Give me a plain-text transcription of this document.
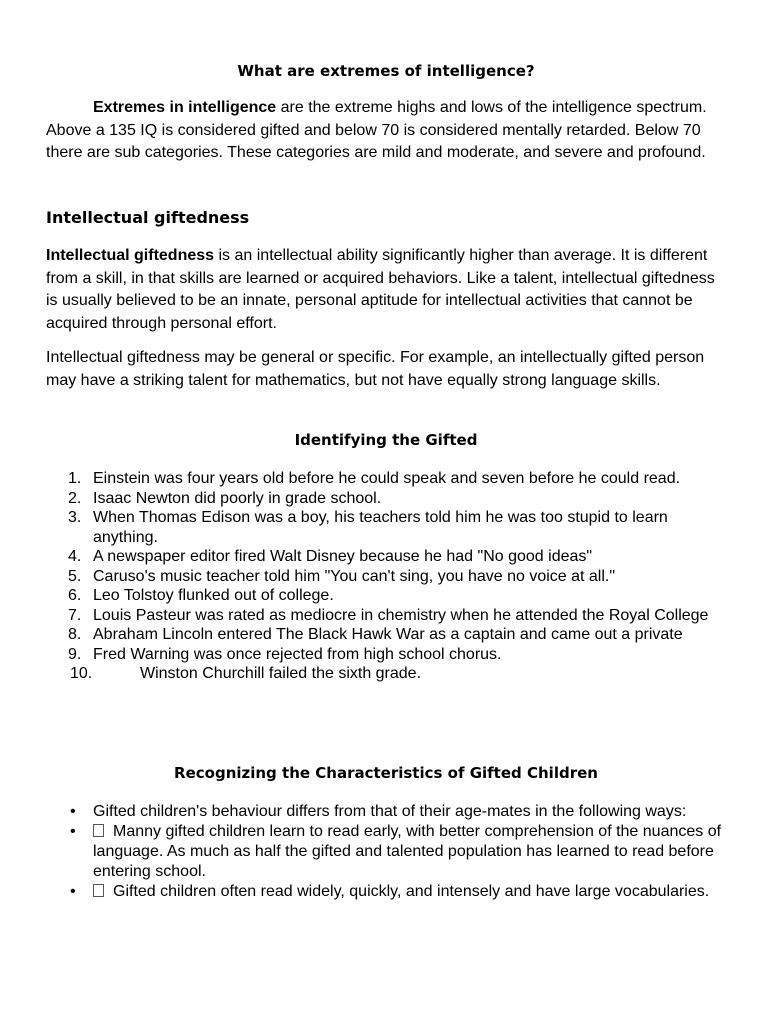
What are extremes of intelligence?

Extremes in intelligence are the extreme highs and lows of the intelligence spectrum. Above a 135 IQ is considered gifted and below 70 is considered mentally retarded. Below 70 there are sub categories. These categories are mild and moderate, and severe and profound.

Intellectual giftedness

Intellectual giftedness is an intellectual ability significantly higher than average. It is different from a skill, in that skills are learned or acquired behaviors. Like a talent, intellectual giftedness is usually believed to be an innate, personal aptitude for intellectual activities that cannot be acquired through personal effort.

Intellectual giftedness may be general or specific. For example, an intellectually gifted person may have a striking talent for mathematics, but not have equally strong language skills.

Identifying the Gifted
1. Einstein was four years old before he could speak and seven before he could read.
2. Isaac Newton did poorly in grade school.
3. When Thomas Edison was a boy, his teachers told him he was too stupid to learn anything.
4. A newspaper editor fired Walt Disney because he had "No good ideas"
5. Caruso's music teacher told him "You can't sing, you have no voice at all."
6. Leo Tolstoy flunked out of college.
7. Louis Pasteur was rated as mediocre in chemistry when he attended the Royal College
8. Abraham Lincoln entered The Black Hawk War as a captain and came out a private
9. Fred Warning was once rejected from high school chorus.
10.	Winston Churchill failed the sixth grade.
Recognizing the Characteristics of Gifted Children
• Gifted children's behaviour differs from that of their age-mates in the following ways:
• Manny gifted children learn to read early, with better comprehension of the nuances of language. As much as half the gifted and talented population has learned to read before entering school.
• Gifted children often read widely, quickly, and intensely and have large vocabularies.
